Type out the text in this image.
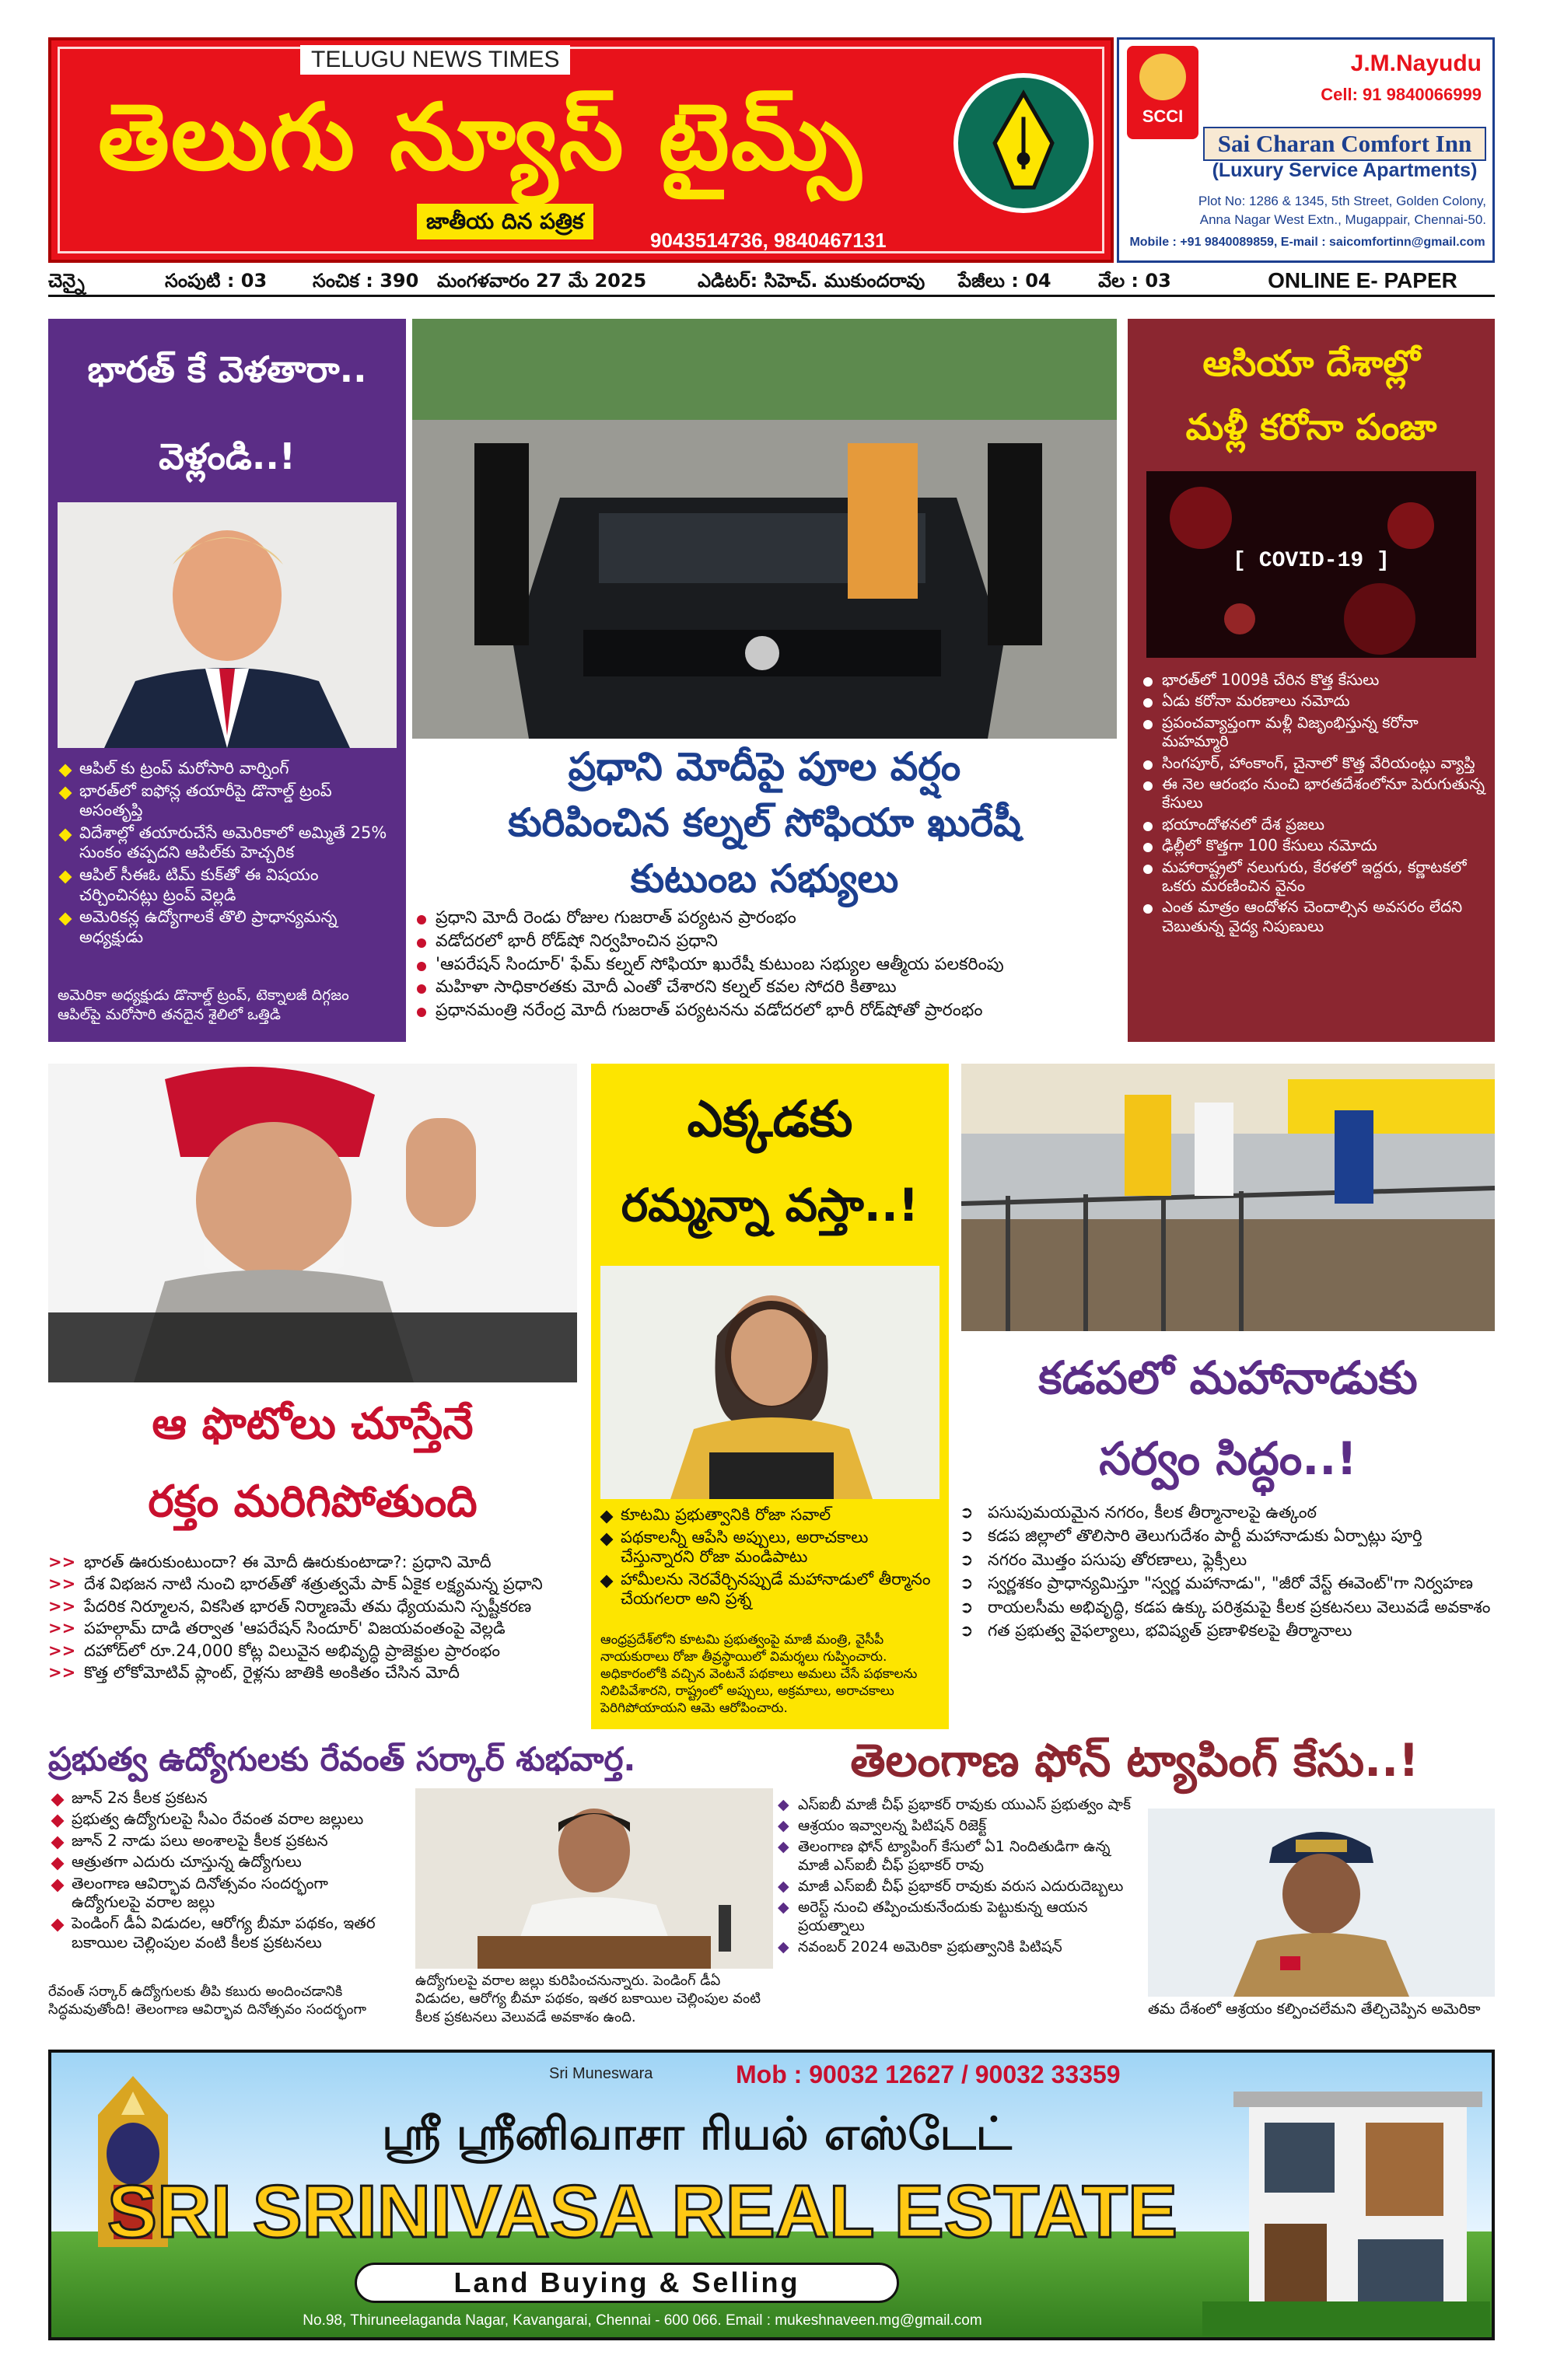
TELUGU NEWS TIMES
తెలుగు న్యూస్ టైమ్స్
జాతీయ దిన పత్రిక
9043514736, 9840467131
SCCI
J.M.Nayudu
Cell: 91 9840066999
Sai Charan Comfort Inn
(Luxury Service Apartments)
Plot No: 1286 & 1345, 5th Street, Golden Colony,
Anna Nagar West Extn., Mugappair, Chennai-50.
Mobile : +91 9840089859, E-mail : saicomfortinn@gmail.com
చెన్నై	సంపుటి : 03 సంచిక : 390 మంగళవారం 27 మే 2025	ఎడిటర్: సిహెచ్. ముకుందరావు పేజీలు : 04	వేల : 03	ONLINE E- PAPER
భారత్ కే వెళతారా..
వెళ్లండి..!
ఆపిల్ కు ట్రంప్ మరోసారి వార్నింగ్
భారత్‌లో ఐఫోన్ల తయారీపై డొనాల్డ్ ట్రంప్ అసంతృప్తి
విదేశాల్లో తయారుచేసే అమెరికాలో అమ్మితే 25% సుంకం తప్పదని ఆపిల్‌కు హెచ్చరిక
ఆపిల్ సీఈఓ టిమ్ కుక్‌తో ఈ విషయం చర్చించినట్లు ట్రంప్ వెల్లడి
అమెరికన్ల ఉద్యోగాలకే తొలి ప్రాధాన్యమన్న అధ్యక్షుడు
అమెరికా అధ్యక్షుడు డొనాల్డ్ ట్రంప్, టెక్నాలజీ దిగ్గజం ఆపిల్‌పై మరోసారి తనదైన శైలిలో ఒత్తిడి
ప్రధాని మోదీపై పూల వర్షం
కురిపించిన కల్నల్ సోఫియా ఖురేషీ
కుటుంబ సభ్యులు
ప్రధాని మోదీ రెండు రోజుల గుజరాత్ పర్యటన ప్రారంభం
వడోదరలో భారీ రోడ్‌షో నిర్వహించిన ప్రధాని
'ఆపరేషన్ సిందూర్' ఫేమ్ కల్నల్ సోఫియా ఖురేషీ కుటుంబ సభ్యుల ఆత్మీయ పలకరింపు
మహిళా సాధికారతకు మోదీ ఎంతో చేశారని కల్నల్ కవల సోదరి కితాబు
ప్రధానమంత్రి నరేంద్ర మోదీ గుజరాత్ పర్యటనను వడోదరలో భారీ రోడ్‌షోతో ప్రారంభం
ఆసియా దేశాల్లో
మళ్లీ కరోనా పంజా
[ COVID-19 ]
భారత్‌లో 1009కి చేరిన కొత్త కేసులు
ఏడు కరోనా మరణాలు నమోదు
ప్రపంచవ్యాప్తంగా మళ్లీ విజృంభిస్తున్న కరోనా మహమ్మారి
సింగపూర్, హాంకాంగ్, చైనాలో కొత్త వేరియంట్లు వ్యాప్తి
ఈ నెల ఆరంభం నుంచి భారతదేశంలోనూ పెరుగుతున్న కేసులు
భయాందోళనలో దేశ ప్రజలు
ఢిల్లీలో కొత్తగా 100 కేసులు నమోదు
మహారాష్ట్రలో నలుగురు, కేరళలో ఇద్దరు, కర్ణాటకలో ఒకరు మరణించిన వైనం
ఎంత మాత్రం ఆందోళన చెందాల్సిన అవసరం లేదని చెబుతున్న వైద్య నిపుణులు
ఆ ఫొటోలు చూస్తేనే
రక్తం మరిగిపోతుంది
>> భారత్ ఊరుకుంటుందా? ఈ మోదీ ఊరుకుంటాడా?: ప్రధాని మోదీ
>> దేశ విభజన నాటి నుంచి భారత్‌తో శత్రుత్వమే పాక్ ఏకైక లక్ష్యమన్న ప్రధాని
>> పేదరిక నిర్మూలన, వికసిత భారత్ నిర్మాణమే తమ ధ్యేయమని స్పష్టీకరణ
>> పహల్గామ్ దాడి తర్వాత 'ఆపరేషన్ సిందూర్' విజయవంతంపై వెల్లడి
>> దహోద్‌లో రూ.24,000 కోట్ల విలువైన అభివృద్ధి ప్రాజెక్టుల ప్రారంభం
>> కొత్త లోకోమోటివ్ ప్లాంట్, రైళ్లను జాతికి అంకితం చేసిన మోదీ
ఎక్కడకు
రమ్మన్నా వస్తా..!
కూటమి ప్రభుత్వానికి రోజా సవాల్
పథకాలన్నీ ఆపేసి అప్పులు, అరాచకాలు చేస్తున్నారని రోజా మండిపాటు
హామీలను నెరవేర్చినప్పుడే మహానాడులో తీర్మానం చేయగలరా అని ప్రశ్న
ఆంధ్రప్రదేశ్‌లోని కూటమి ప్రభుత్వంపై మాజీ మంత్రి, వైసీపీ నాయకురాలు రోజా తీవ్రస్థాయిలో విమర్శలు గుప్పించారు. అధికారంలోకి వచ్చిన వెంటనే పథకాలు అమలు చేసే పథకాలను నిలిపివేశారని, రాష్ట్రంలో అప్పులు, అక్రమాలు, అరాచకాలు పెరిగిపోయాయని ఆమె ఆరోపించారు.
కడపలో మహానాడుకు
సర్వం సిద్ధం..!
➲ పసుపుమయమైన నగరం, కీలక తీర్మానాలపై ఉత్కంఠ
➲ కడప జిల్లాలో తొలిసారి తెలుగుదేశం పార్టీ మహానాడుకు ఏర్పాట్లు పూర్తి
➲ నగరం మొత్తం పసుపు తోరణాలు, ఫ్లెక్సీలు
➲ స్వర్ణశకం ప్రాధాన్యమిస్తూ "స్వర్ణ మహానాడు", "జీరో వేస్ట్ ఈవెంట్"గా నిర్వహణ
➲ రాయలసీమ అభివృద్ధి, కడప ఉక్కు పరిశ్రమపై కీలక ప్రకటనలు వెలువడే అవకాశం
➲ గత ప్రభుత్వ వైఫల్యాలు, భవిష్యత్ ప్రణాళికలపై తీర్మానాలు
ప్రభుత్వ ఉద్యోగులకు రేవంత్ సర్కార్ శుభవార్త.
జూన్ 2న కీలక ప్రకటన
ప్రభుత్వ ఉద్యోగులపై సీఎం రేవంత వరాల జల్లులు
జూన్ 2 నాడు పలు అంశాలపై కీలక ప్రకటన
ఆత్రుతగా ఎదురు చూస్తున్న ఉద్యోగులు
తెలంగాణ ఆవిర్భావ దినోత్సవం సందర్భంగా ఉద్యోగులపై వరాల జల్లు
పెండింగ్ డీఏ విడుదల, ఆరోగ్య బీమా పథకం, ఇతర బకాయిల చెల్లింపుల వంటి కీలక ప్రకటనలు
రేవంత్ సర్కార్ ఉద్యోగులకు తీపి కబురు అందించడానికి సిద్ధమవుతోంది! తెలంగాణ ఆవిర్భావ దినోత్సవం సందర్భంగా
ఉద్యోగులపై వరాల జల్లు కురిపించనున్నారు. పెండింగ్ డీఏ విడుదల, ఆరోగ్య బీమా పథకం, ఇతర బకాయిల చెల్లింపుల వంటి కీలక ప్రకటనలు వెలువడే అవకాశం ఉంది.
తెలంగాణ ఫోన్ ట్యాపింగ్ కేసు..!
◆ ఎస్ఐబీ మాజీ చీఫ్ ప్రభాకర్ రావుకు యుఎస్ ప్రభుత్వం షాక్
◆ ఆశ్రయం ఇవ్వాలన్న పిటిషన్ రిజెక్ట్
◆ తెలంగాణ ఫోన్ ట్యాపింగ్ కేసులో ఏ1 నిందితుడిగా ఉన్న మాజీ ఎస్ఐబీ చీఫ్ ప్రభాకర్ రావు
◆ మాజీ ఎస్ఐబీ చీఫ్ ప్రభాకర్ రావుకు వరుస ఎదురుదెబ్బలు
◆ అరెస్ట్ నుంచి తప్పించుకునేందుకు పెట్టుకున్న ఆయన ప్రయత్నాలు
◆ నవంబర్ 2024 అమెరికా ప్రభుత్వానికి పిటిషన్
తమ దేశంలో ఆశ్రయం కల్పించలేమని తేల్చిచెప్పిన అమెరికా
Sri Muneswara	Mob : 90032 12627 / 90032 33359
ஸ்ரீ ஸ்ரீனிவாசா ரியல் எஸ்டேட்
SRI SRINIVASA REAL ESTATE
Land Buying & Selling
No.98, Thiruneelaganda Nagar, Kavangarai, Chennai - 600 066. Email : mukeshnaveen.mg@gmail.com
